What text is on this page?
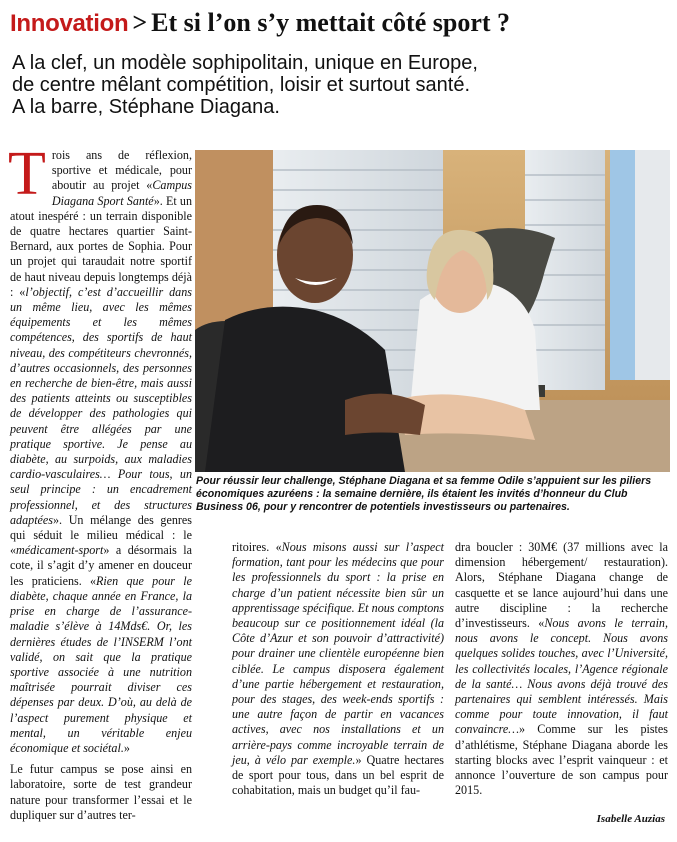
Innovation > Et si l’on s’y mettait côté sport ?
A la clef, un modèle sophipolitain, unique en Europe,
de centre mêlant compétition, loisir et surtout santé.
A la barre, Stéphane Diagana.

Trois ans de réflexion, sportive et médicale, pour aboutir au projet «Campus Diagana Sport Santé». Et un atout inespéré : un terrain disponible de quatre hectares quartier Saint-Bernard, aux portes de Sophia. Pour un projet qui taraudait notre sportif de haut niveau depuis longtemps déjà : «l’objectif, c’est d’accueillir dans un même lieu, avec les mêmes équipements et les mêmes compétences, des sportifs de haut niveau, des compétiteurs chevronnés, d’autres occasionnels, des personnes en recherche de bien-être, mais aussi des patients atteints ou susceptibles de développer des pathologies qui peuvent être allégées par une pratique sportive. Je pense au diabète, au surpoids, aux maladies cardio-vasculaires… Pour tous, un seul principe : un encadrement professionnel, et des structures adaptées». Un mélange des genres qui séduit le milieu médical : le «médicament-sport» a désormais la cote, il s’agit d’y amener en douceur les praticiens. «Rien que pour le diabète, chaque année en France, la prise en charge de l’assurance-maladie s’élève à 14Mds€. Or, les dernières études de l’INSERM l’ont validé, on sait que la pratique sportive associée à une nutrition maîtrisée pourrait diviser ces dépenses par deux. D’où, au delà de l’aspect purement physique et mental, un véritable enjeu économique et sociétal.»

Le futur campus se pose ainsi en laboratoire, sorte de test grandeur nature pour transformer l’essai et le dupliquer sur d’autres ter-

Pour réussir leur challenge, Stéphane Diagana et sa femme Odile s’appuient sur les piliers économiques azuréens : la semaine dernière, ils étaient les invités d’honneur du Club Business 06, pour y rencontrer de potentiels investisseurs ou partenaires.

ritoires. «Nous misons aussi sur l’aspect formation, tant pour les médecins que pour les professionnels du sport : la prise en charge d’un patient nécessite bien sûr un apprentissage spécifique. Et nous comptons beaucoup sur ce positionnement idéal (la Côte d’Azur et son pouvoir d’attractivité) pour drainer une clientèle européenne bien ciblée. Le campus disposera également d’une partie hébergement et restauration, pour des stages, des week-ends sportifs : une autre façon de partir en vacances actives, avec nos installations et un arrière-pays comme incroyable terrain de jeu, à vélo par exemple.» Quatre hectares de sport pour tous, dans un bel esprit de cohabitation, mais un budget qu’il fau-

dra boucler : 30M€ (37 millions avec la dimension hébergement/ restauration). Alors, Stéphane Diagana change de casquette et se lance aujourd’hui dans une autre discipline : la recherche d’investisseurs. «Nous avons le terrain, nous avons le concept. Nous avons quelques solides touches, avec l’Université, les collectivités locales, l’Agence régionale de la santé… Nous avons déjà trouvé des partenaires qui semblent intéressés. Mais comme pour toute innovation, il faut convaincre…» Comme sur les pistes d’athlétisme, Stéphane Diagana aborde les starting blocks avec l’esprit vainqueur : et annonce l’ouverture de son campus pour 2015.

Isabelle Auzias
